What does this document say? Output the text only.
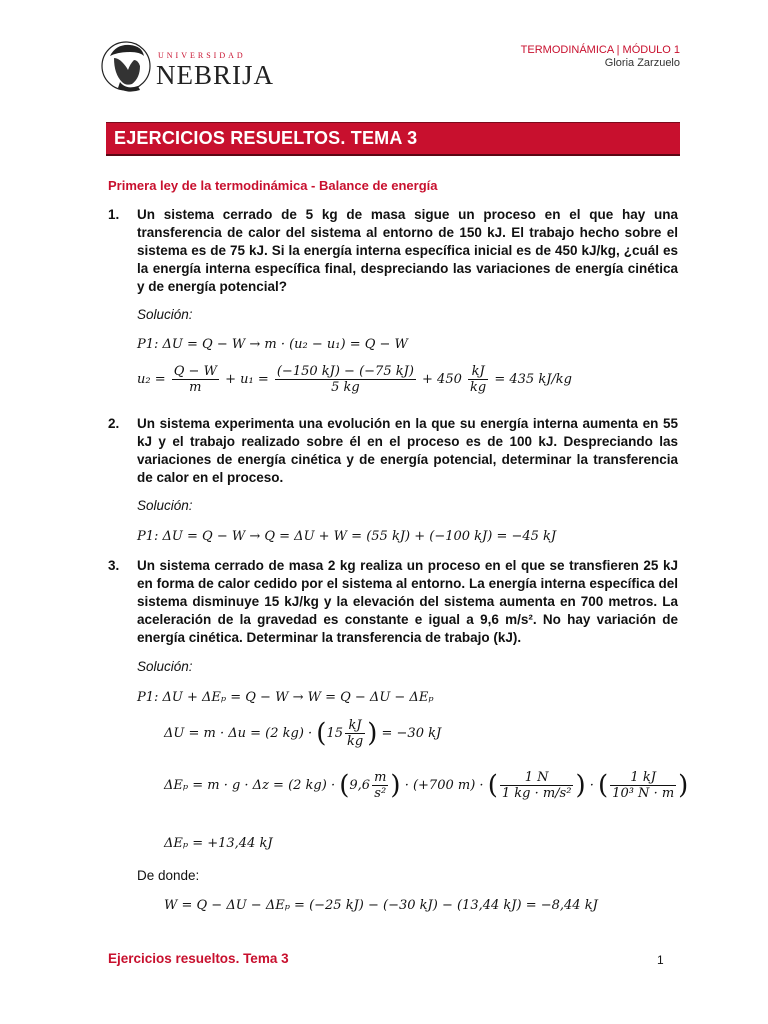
UNIVERSIDAD
NEBRIJA
TERMODINÁMICA | MÓDULO 1
Gloria Zarzuelo
EJERCICIOS RESUELTOS. TEMA 3
Primera ley de la termodinámica - Balance de energía
1. Un sistema cerrado de 5 kg de masa sigue un proceso en el que hay una transferencia de calor del sistema al entorno de 150 kJ. El trabajo hecho sobre el sistema es de 75 kJ. Si la energía interna específica inicial es de 450 kJ/kg, ¿cuál es la energía interna específica final, despreciando las variaciones de energía cinética y de energía potencial?
Solución:
P1: ΔU = Q − W → m · (u₂ − u₁) = Q − W
$u_2 = \frac{Q - W}{m} + u_1 = \frac{(-150 kJ) - (-75 kJ)}{5 kg} + 450 \frac{kJ}{kg} = 435$ kJ/kg
2. Un sistema experimenta una evolución en la que su energía interna aumenta en 55 kJ y el trabajo realizado sobre él en el proceso es de 100 kJ. Despreciando las variaciones de energía cinética y de energía potencial, determinar la transferencia de calor en el proceso.
Solución:
P1: ΔU = Q − W → Q = ΔU + W = (55 kJ) + (−100 kJ) = −45 kJ
3. Un sistema cerrado de masa 2 kg realiza un proceso en el que se transfieren 25 kJ en forma de calor cedido por el sistema al entorno. La energía interna específica del sistema disminuye 15 kJ/kg y la elevación del sistema aumenta en 700 metros. La aceleración de la gravedad es constante e igual a 9,6 m/s². No hay variación de energía cinética. Determinar la transferencia de trabajo (kJ).
Solución:
P1: ΔU + ΔEₚ = Q − W → W = Q − ΔU − ΔEₚ
ΔU = m · Δu = (2 $kg) \cdot (15 \frac{kJ}{kg}$ ) = −30 kJ
ΔEₚ = m · g · Δz = (2 $kg) \cdot (9,6 \frac{m}{\text{s²}}$ ) · (+700 m) · ( $\frac{1 N}{\text{1 kg · m/s²}}$ ) · ( $\frac{1 kJ}{\text{10³ N · m}}$ )
ΔEₚ = +13,44 kJ
De donde:
W = Q − ΔU − ΔEₚ = (−25 kJ) − (−30 kJ) − (13,44 kJ) = −8,44 kJ
Ejercicios resueltos. Tema 3	1
